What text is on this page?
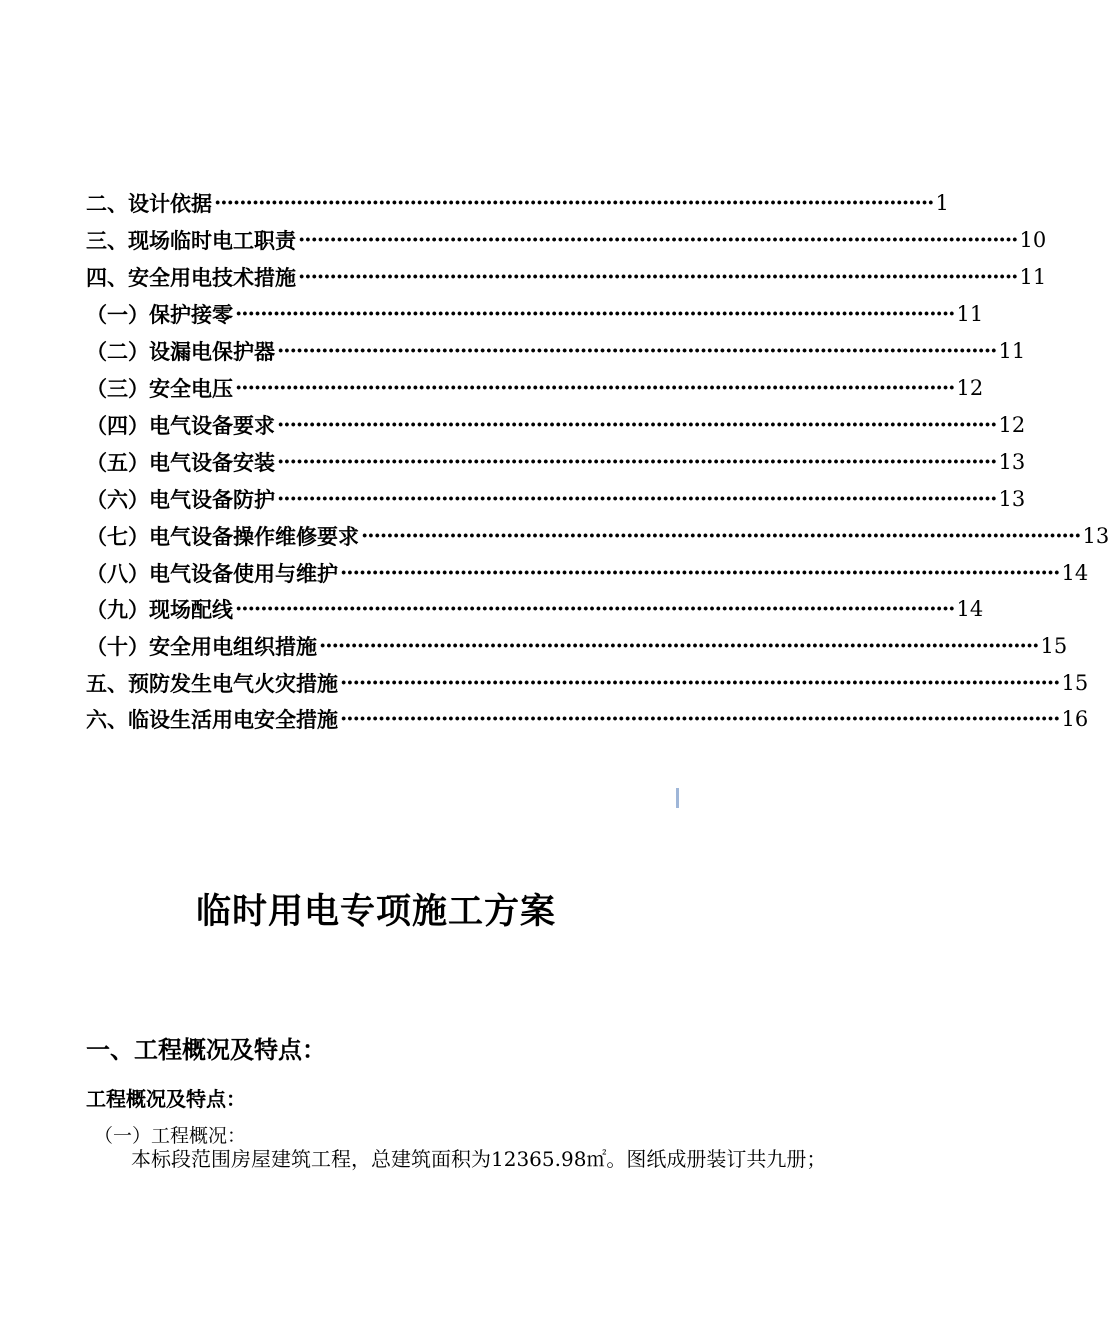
二、设计依据 ·················································································································· 1
三、现场临时电工职责 ·················································································································· 10
四、安全用电技术措施 ·················································································································· 11
（一）保护接零 ·················································································································· 11
（二）设漏电保护器 ·················································································································· 11
（三）安全电压 ·················································································································· 12
（四）电气设备要求 ·················································································································· 12
（五）电气设备安装 ·················································································································· 13
（六）电气设备防护 ·················································································································· 13
（七）电气设备操作维修要求 ·················································································································· 13
（八）电气设备使用与维护 ·················································································································· 14
（九）现场配线 ·················································································································· 14
（十）安全用电组织措施 ·················································································································· 15
五、预防发生电气火灾措施 ·················································································································· 15
六、临设生活用电安全措施 ·················································································································· 16
临时用电专项施工方案
一、工程概况及特点：
工程概况及特点：
（一）工程概况：
本标段范围房屋建筑工程，总建筑面积为12365.98㎡。图纸成册装订共九册；
